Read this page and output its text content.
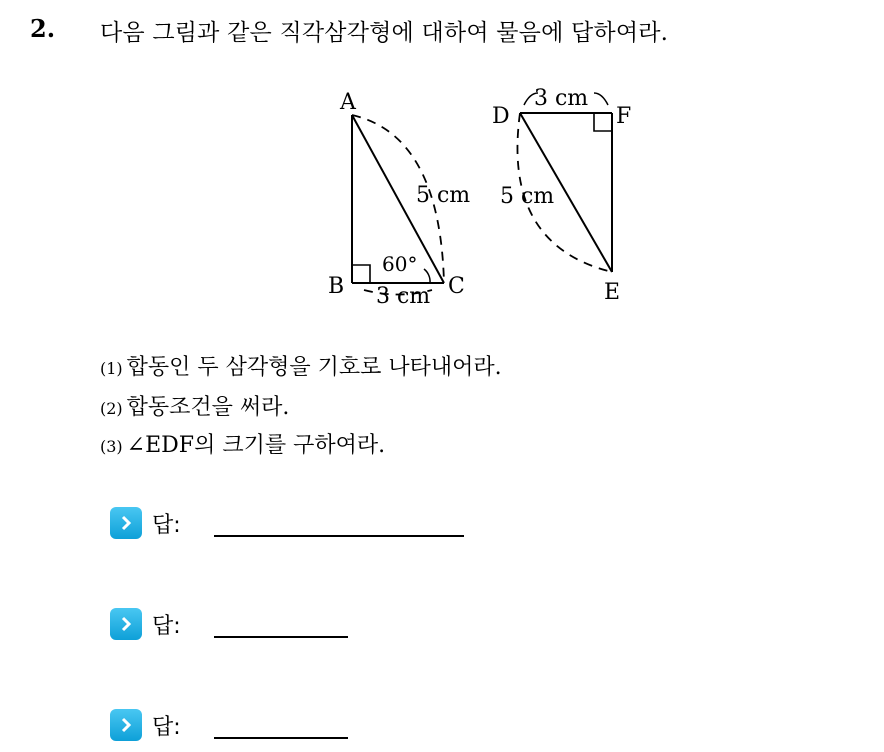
2. 다음 그림과 같은 직각삼각형에 대하여 물음에 답하여라.
A
B	C
5 cm
60°
3 cm
D	F
E
3 cm
5 cm
(1) 합동인 두 삼각형을 기호로 나타내어라.
(2) 합동조건을 써라.
(3) ∠EDF의 크기를 구하여라.
답:
답:
답:
